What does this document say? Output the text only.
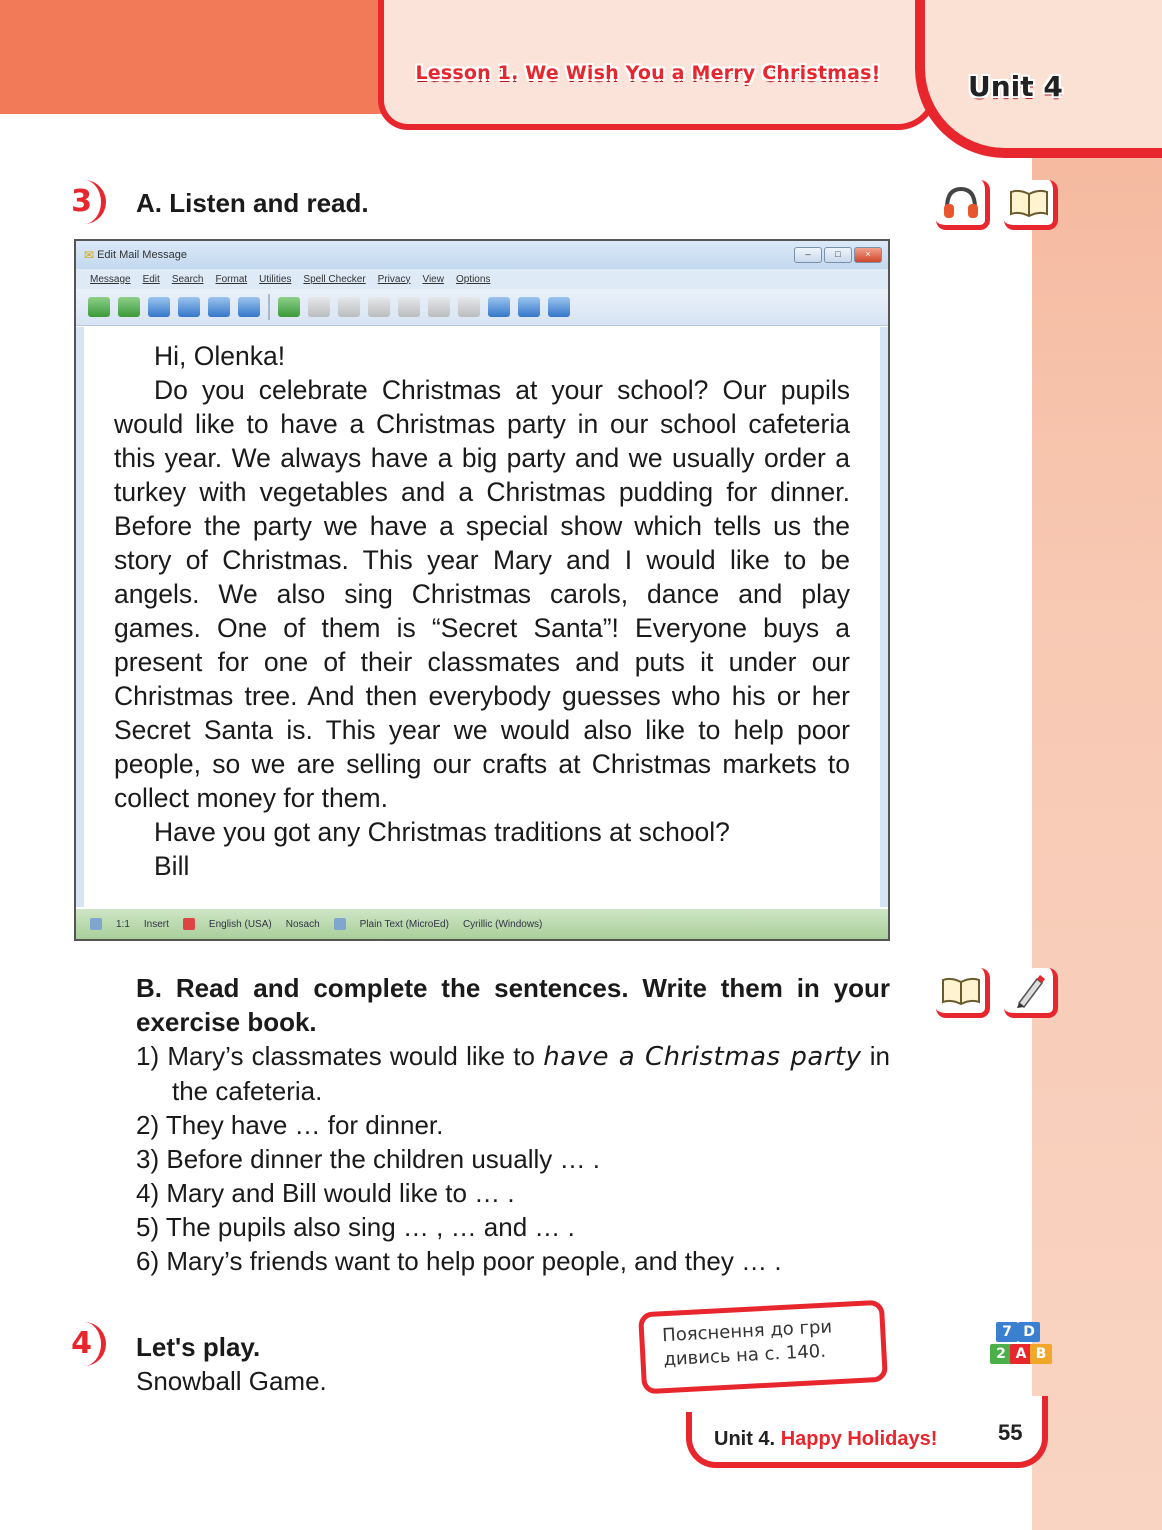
Lesson 1. We Wish You a Merry Christmas!	Unit 4
3	A. Listen and read.
✉ Edit Mail Message	–	□	×
Message Edit Search Format Utilities Spell Checker Privacy View Options

Hi, Olenka!

Do you celebrate Christmas at your school? Our pupils would like to have a Christmas party in our school cafeteria this year. We always have a big party and we usually order a turkey with vegetables and a Christmas pudding for dinner. Before the party we have a special show which tells us the story of Christmas. This year Mary and I would like to be angels. We also sing Christmas carols, dance and play games. One of them is “Secret Santa”! Everyone buys a present for one of their classmates and puts it under our Christmas tree. And then everybody guesses who his or her Secret Santa is. This year we would also like to help poor people, so we are selling our crafts at Christmas markets to collect money for them.

Have you got any Christmas traditions at school?

Bill

1:1 Insert	English (USA) Nosach	Plain Text (MicroEd) Cyrillic (Windows)

B. Read and complete the sentences. Write them in your exercise book.

1) Mary’s classmates would like to have a Christmas party in the cafeteria.
2) They have … for dinner.
3) Before dinner the children usually … .
4) Mary and Bill would like to … .
5) The pupils also sing … , … and … .
6) Mary’s friends want to help poor people, and they … .
4	Let's play.
Snowball Game.
Пояснення до гри
дивись на с. 140.
7 D
2 A B
Unit 4. Happy Holidays!	55
